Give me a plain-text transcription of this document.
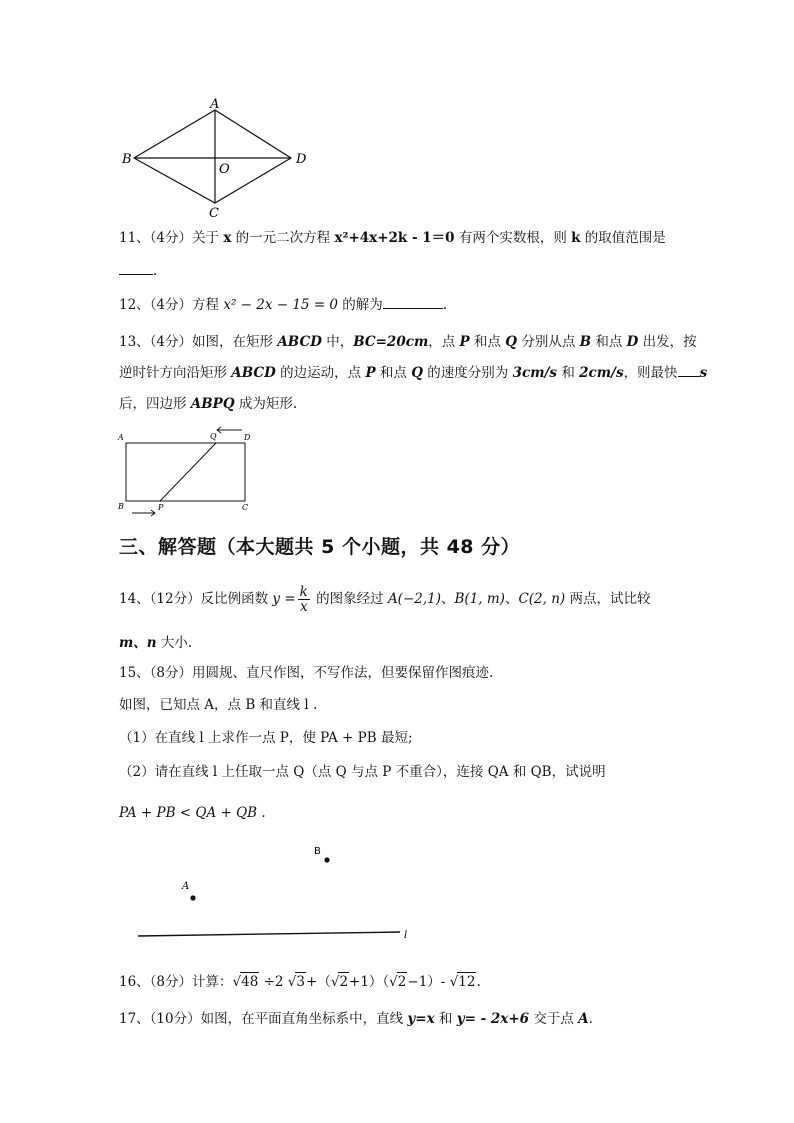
A
B
C
D
O
11、（4分）关于 x 的一元二次方程 x²+4x+2k - 1＝0 有两个实数根，则 k 的取值范围是
.
12、（4分）方程 x² − 2x − 15 = 0 的解为	.
13、（4分）如图，在矩形 ABCD 中，BC=20cm，点 P 和点 Q 分别从点 B 和点 D 出发，按
逆时针方向沿矩形 ABCD 的边运动，点 P 和点 Q 的速度分别为 3cm/s 和 2cm/s，则最快 s
后，四边形 ABPQ 成为矩形.
A	Q	D
B	P	C
三、解答题（本大题共 5 个小题，共 48 分）
14、（12分）反比例函数 $y = \frac{k}{x}$ 的图象经过 A(−2,1)、B(1, m)、C(2, n) 两点，试比较
m、n 大小.
15、（8分）用圆规、直尺作图，不写作法，但要保留作图痕迹.
如图，已知点 A，点 B 和直线 l .
（1）在直线 l 上求作一点 P，使 PA + PB 最短;
（2）请在直线 l 上任取一点 Q（点 Q 与点 P 不重合），连接 QA 和 QB，试说明
PA + PB < QA + QB .
B
A
l
16、（8分）计算：√48 ÷2 √3+（√2+1）（√2−1）- √12.
17、（10分）如图，在平面直角坐标系中，直线 y=x 和 y= - 2x+6 交于点 A.
